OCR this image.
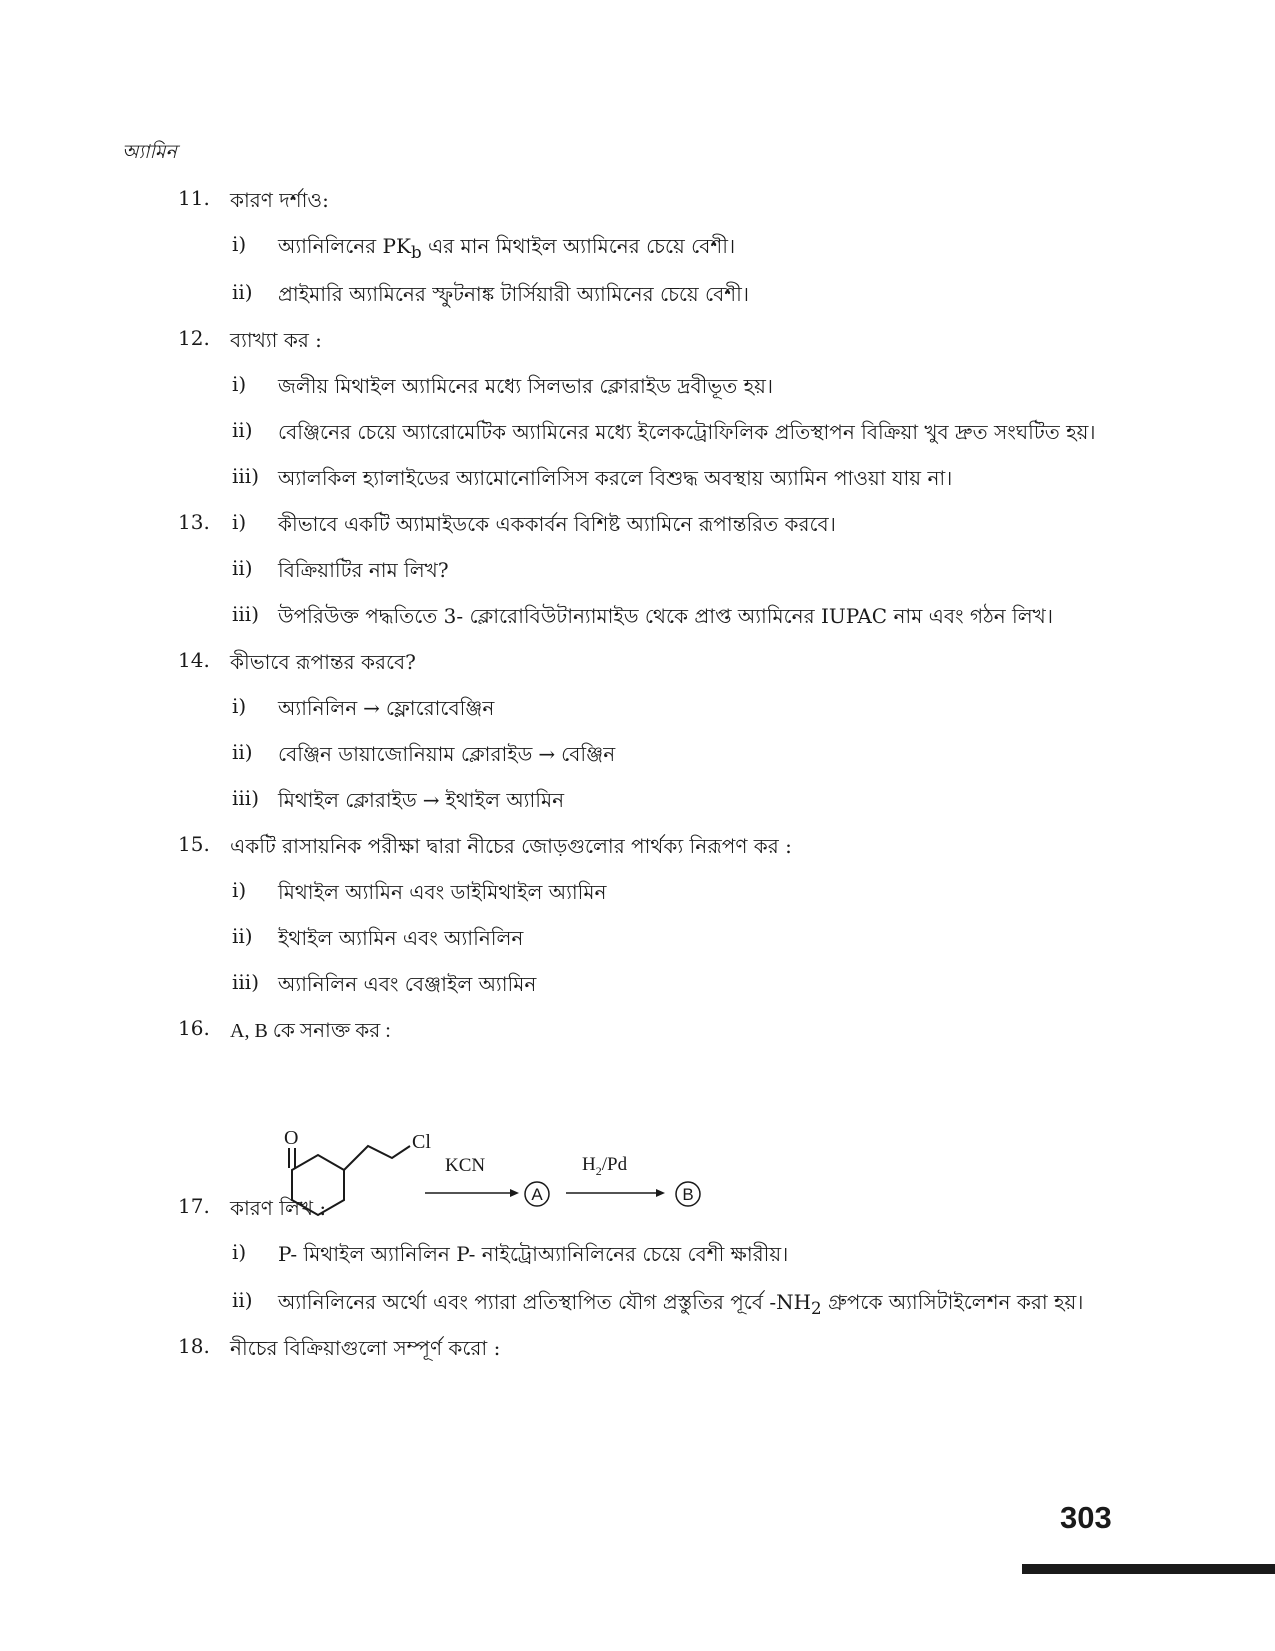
অ্যামিন
11.	কারণ দর্শাও:
i)	অ্যানিলিনের $PK_b$ এর মান মিথাইল অ্যামিনের চেয়ে বেশী।
ii)	প্রাইমারি অ্যামিনের স্ফুটনাঙ্ক টার্সিয়ারী অ্যামিনের চেয়ে বেশী।
12.	ব্যাখ্যা কর :
i)	জলীয় মিথাইল অ্যামিনের মধ্যে সিলভার ক্লোরাইড দ্রবীভূত হয়।
ii)	বেঞ্জিনের চেয়ে অ্যারোমেটিক অ্যামিনের মধ্যে ইলেকট্রোফিলিক প্রতিস্থাপন বিক্রিয়া খুব দ্রুত সংঘটিত হয়।
iii) অ্যালকিল হ্যালাইডের অ্যামোনোলিসিস করলে বিশুদ্ধ অবস্থায় অ্যামিন পাওয়া যায় না।
13.	i)	কীভাবে একটি অ্যামাইডকে এককার্বন বিশিষ্ট অ্যামিনে রূপান্তরিত করবে।
ii)	বিক্রিয়াটির নাম লিখ?
iii) উপরিউক্ত পদ্ধতিতে 3- ক্লোরোবিউটান্যামাইড থেকে প্রাপ্ত অ্যামিনের IUPAC নাম এবং গঠন লিখ।
14.	কীভাবে রূপান্তর করবে?
i)	অ্যানিলিন → ফ্লোরোবেঞ্জিন
ii)	বেঞ্জিন ডায়াজোনিয়াম ক্লোরাইড → বেঞ্জিন
iii) মিথাইল ক্লোরাইড → ইথাইল অ্যামিন
15.	একটি রাসায়নিক পরীক্ষা দ্বারা নীচের জোড়গুলোর পার্থক্য নিরূপণ কর :
i)	মিথাইল অ্যামিন এবং ডাইমিথাইল অ্যামিন
ii)	ইথাইল অ্যামিন এবং অ্যানিলিন
iii) অ্যানিলিন এবং বেঞ্জাইল অ্যামিন
16.	A, B কে সনাক্ত কর :
O	Cl
KCN
A
$H_2/Pd$
B
17.	কারণ লিখ :
i)	P- মিথাইল অ্যানিলিন P- নাইট্রোঅ্যানিলিনের চেয়ে বেশী ক্ষারীয়।
ii)	অ্যানিলিনের অর্থো এবং প্যারা প্রতিস্থাপিত যৌগ প্রস্তুতির পূর্বে $-NH_2$ গ্রুপকে অ্যাসিটাইলেশন করা হয়।
18.	নীচের বিক্রিয়াগুলো সম্পূর্ণ করো :
303
